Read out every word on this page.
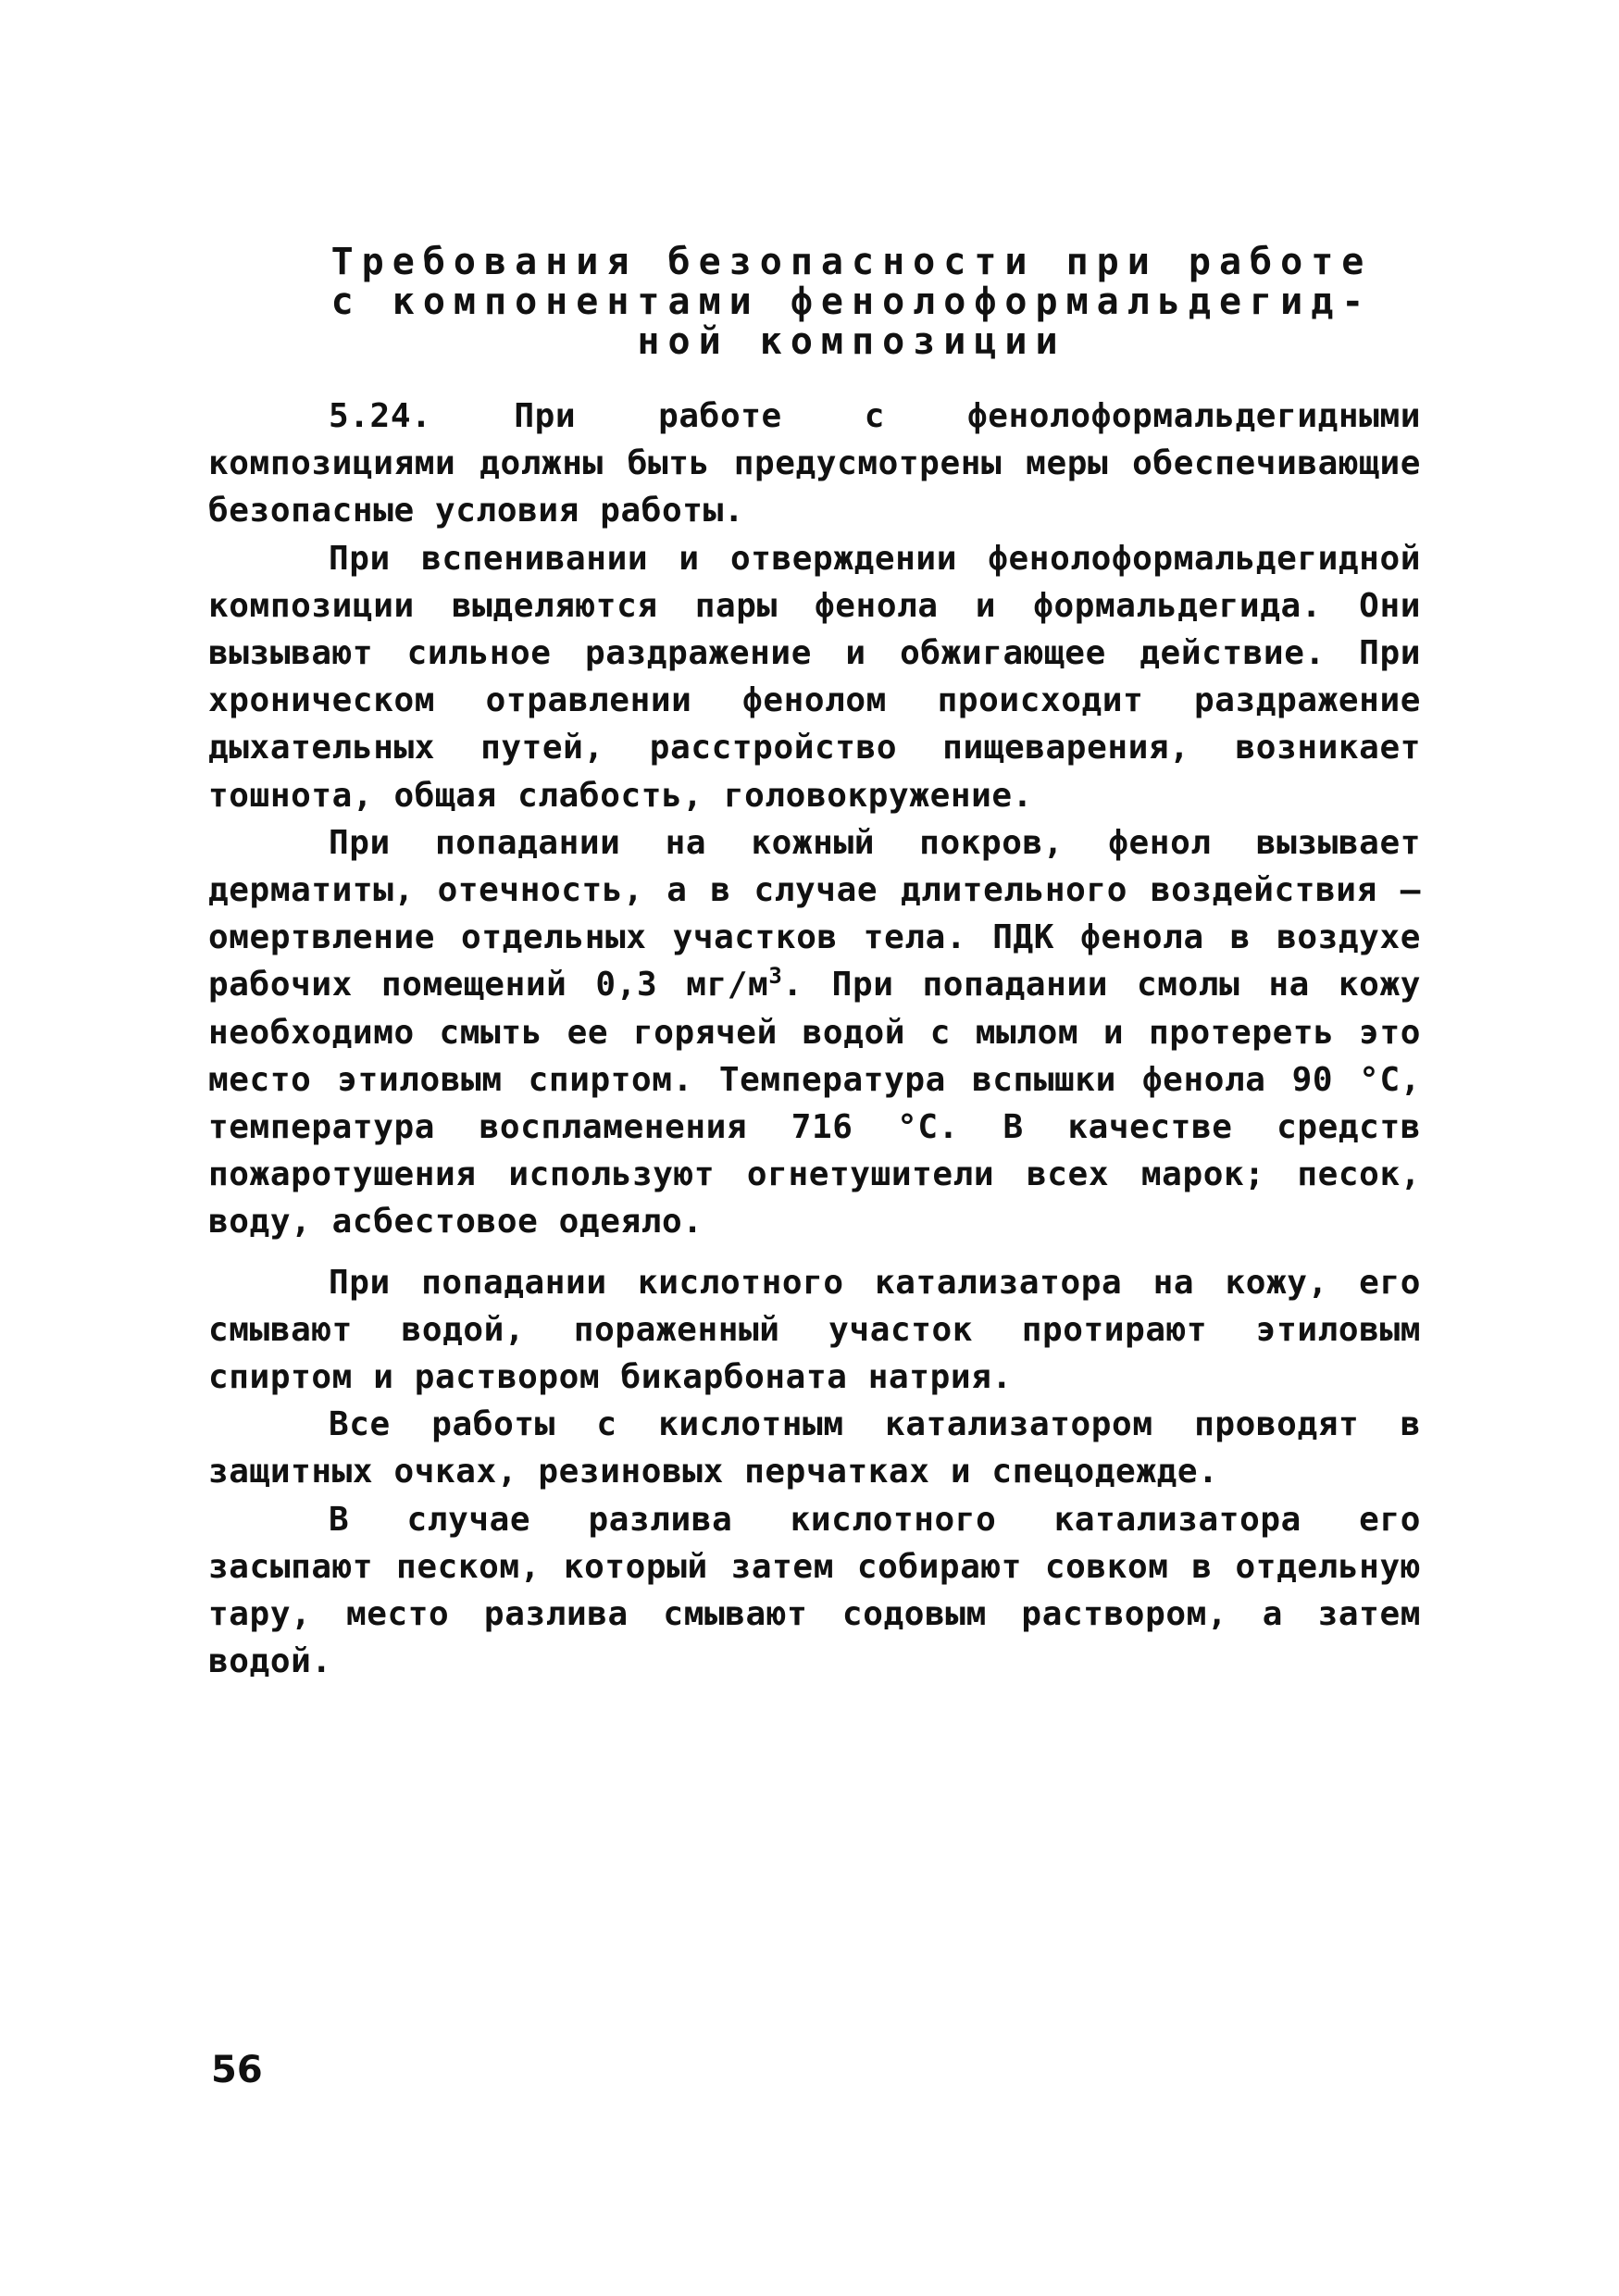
Требования безопасности при работе
с компонентами фенолоформальдегид-
ной композиции

5.24. При работе с фенолоформальдегидными композициями должны быть предусмотрены меры обеспечивающие безопасные условия работы.

При вспенивании и отверждении фенолоформальдегидной композиции выделяются пары фенола и формальдегида. Они вызывают сильное раздражение и обжигающее действие. При хроническом отравлении фенолом происходит раздражение дыхательных путей, расстройство пищеварения, возникает тошнота, общая слабость, головокружение.

При попадании на кожный покров, фенол вызывает дерматиты, отечность, а в случае длительного воздействия – омертвление отдельных участков тела. ПДК фенола в воздухе рабочих помещений 0,3 $мг/м^3$. При попадании смолы на кожу необходимо смыть ее горячей водой с мылом и протереть это место этиловым спиртом. Температура вспышки фенола 90 °С, температура воспламенения 716 °С. В качестве средств пожаротушения используют огнетушители всех марок; песок, воду, асбестовое одеяло.

При попадании кислотного катализатора на кожу, его смывают водой, пораженный участок протирают этиловым спиртом и раствором бикарбоната натрия.

Все работы с кислотным катализатором проводят в защитных очках, резиновых перчатках и спецодежде.

В случае разлива кислотного катализатора его засыпают песком, который затем собирают совком в отдельную тару, место разлива смывают содовым раствором, а затем водой.

56
